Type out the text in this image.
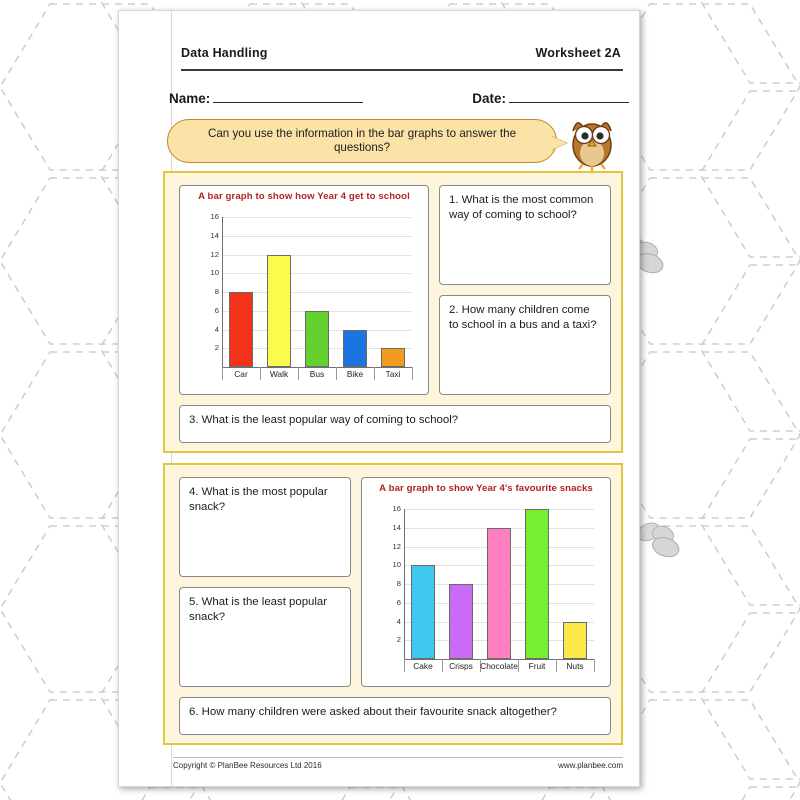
Data Handling	Worksheet 2A
Name:	Date:
Can you use the information in the bar graphs to answer the questions?
A bar graph to show how Year 4 get to school
2
4
6
8
10
12
14
16
Car	Walk	Bus	Bike	Taxi
1. What is the most common way of coming to school?
2. How many children come to school in a bus and a taxi?
3. What is the least popular way of coming to school?
4. What is the most popular snack?
5. What is the least popular snack?
A bar graph to show Year 4's favourite snacks
2
4
6
8
10
12
14
16
Cake	Crisps Chocolate	Fruit	Nuts
6. How many children were asked about their favourite snack altogether?
Copyright © PlanBee Resources Ltd 2016	www.planbee.com
